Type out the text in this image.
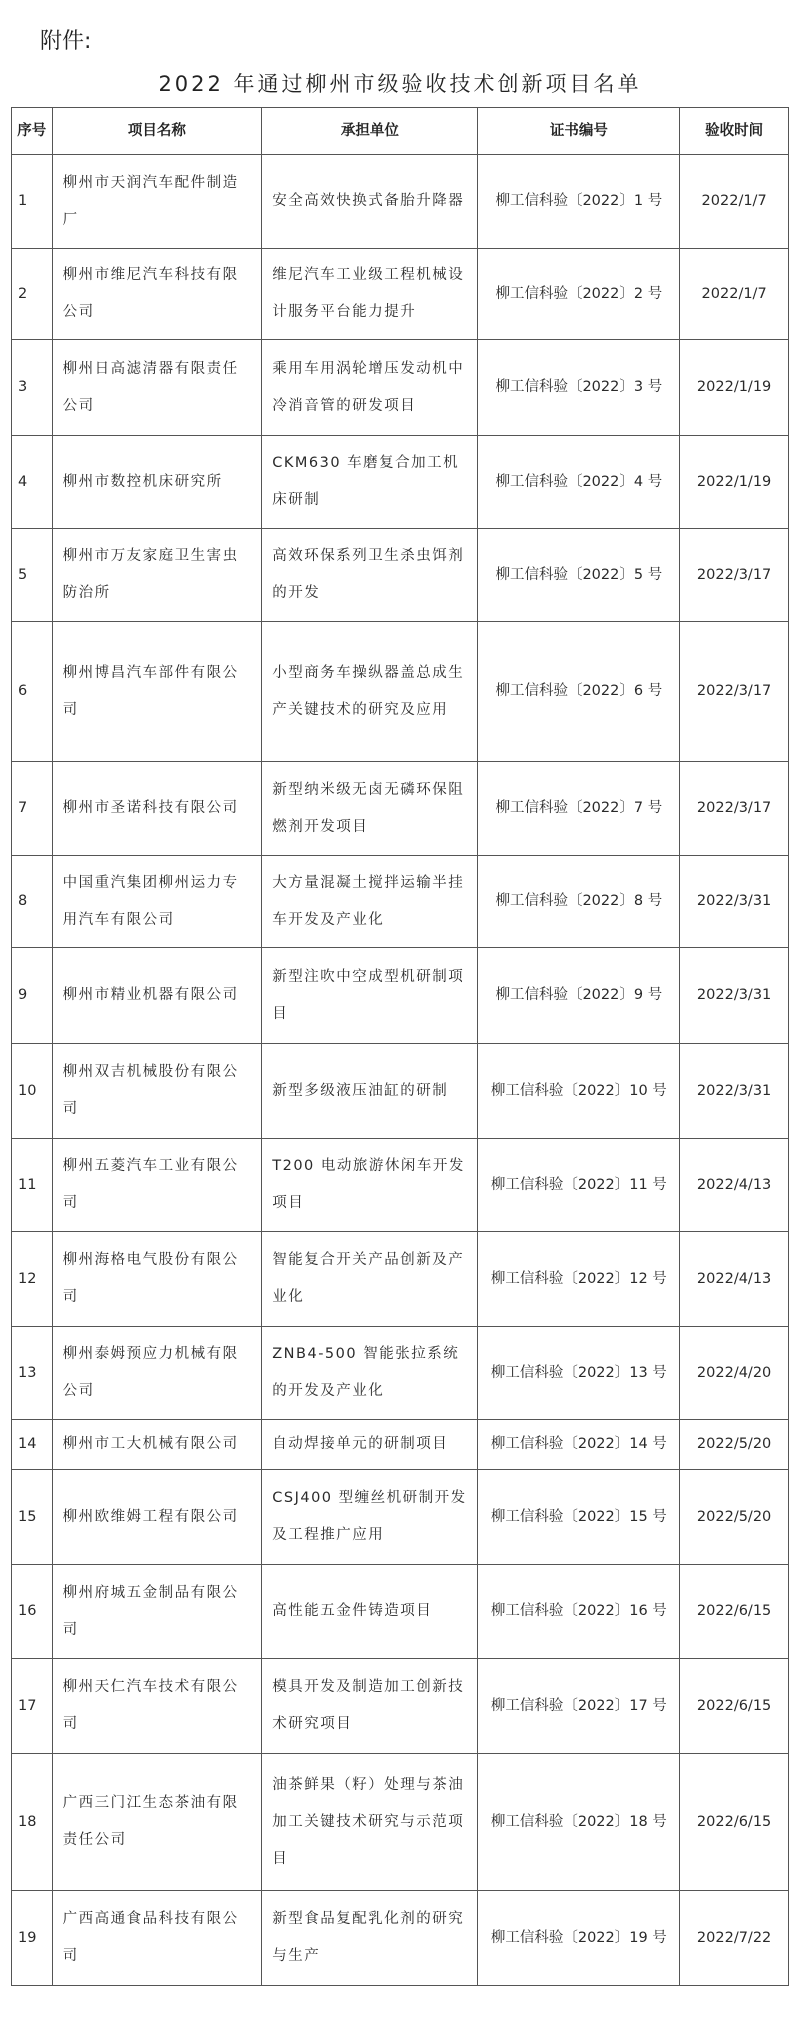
附件:
2022 年通过柳州市级验收技术创新项目名单
序号	项目名称	承担单位	证书编号	验收时间
1	柳州市天润汽车配件制造厂	安全高效快换式备胎升降器	柳工信科验〔2022〕1 号	2022/1/7
2	柳州市维尼汽车科技有限公司	维尼汽车工业级工程机械设计服务平台能力提升	柳工信科验〔2022〕2 号	2022/1/7
3	柳州日高滤清器有限责任公司	乘用车用涡轮增压发动机中冷消音管的研发项目	柳工信科验〔2022〕3 号	2022/1/19
4	柳州市数控机床研究所	CKM630 车磨复合加工机床研制	柳工信科验〔2022〕4 号	2022/1/19
5	柳州市万友家庭卫生害虫防治所	高效环保系列卫生杀虫饵剂的开发	柳工信科验〔2022〕5 号	2022/3/17
6	柳州博昌汽车部件有限公司	小型商务车操纵器盖总成生产关键技术的研究及应用	柳工信科验〔2022〕6 号	2022/3/17
7	柳州市圣诺科技有限公司	新型纳米级无卤无磷环保阻燃剂开发项目	柳工信科验〔2022〕7 号	2022/3/17
8	中国重汽集团柳州运力专用汽车有限公司	大方量混凝土搅拌运输半挂车开发及产业化	柳工信科验〔2022〕8 号	2022/3/31
9	柳州市精业机器有限公司	新型注吹中空成型机研制项目	柳工信科验〔2022〕9 号	2022/3/31
10	柳州双吉机械股份有限公司	新型多级液压油缸的研制	柳工信科验〔2022〕10 号	2022/3/31
11	柳州五菱汽车工业有限公司	T200 电动旅游休闲车开发项目	柳工信科验〔2022〕11 号	2022/4/13
12	柳州海格电气股份有限公司	智能复合开关产品创新及产业化	柳工信科验〔2022〕12 号	2022/4/13
13	柳州泰姆预应力机械有限公司	ZNB4-500 智能张拉系统的开发及产业化	柳工信科验〔2022〕13 号	2022/4/20
14	柳州市工大机械有限公司	自动焊接单元的研制项目	柳工信科验〔2022〕14 号	2022/5/20
15	柳州欧维姆工程有限公司	CSJ400 型缠丝机研制开发及工程推广应用	柳工信科验〔2022〕15 号	2022/5/20
16	柳州府城五金制品有限公司	高性能五金件铸造项目	柳工信科验〔2022〕16 号	2022/6/15
17	柳州天仁汽车技术有限公司	模具开发及制造加工创新技术研究项目	柳工信科验〔2022〕17 号	2022/6/15
18	广西三门江生态茶油有限责任公司	油茶鲜果（籽）处理与茶油加工关键技术研究与示范项目	柳工信科验〔2022〕18 号	2022/6/15
19	广西高通食品科技有限公司	新型食品复配乳化剂的研究与生产	柳工信科验〔2022〕19 号	2022/7/22
